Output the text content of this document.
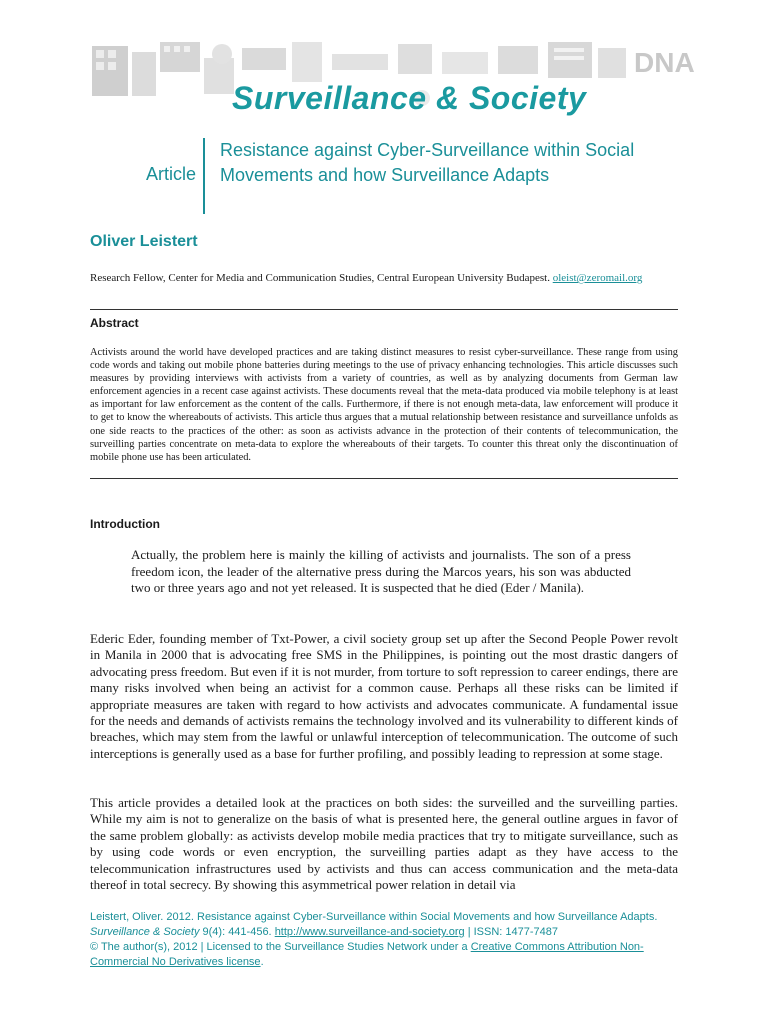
DNA
Surveillance & Society
Article
Resistance against Cyber-Surveillance within Social Movements and how Surveillance Adapts
Oliver Leistert
Research Fellow, Center for Media and Communication Studies, Central European University Budapest. oleist@zeromail.org
Abstract

Activists around the world have developed practices and are taking distinct measures to resist cyber-surveillance. These range from using code words and taking out mobile phone batteries during meetings to the use of privacy enhancing technologies. This article discusses such measures by providing interviews with activists from a variety of countries, as well as by analyzing documents from German law enforcement agencies in a recent case against activists. These documents reveal that the meta-data produced via mobile telephony is at least as important for law enforcement as the content of the calls. Furthermore, if there is not enough meta-data, law enforcement will produce it to get to know the whereabouts of activists. This article thus argues that a mutual relationship between resistance and surveillance unfolds as one side reacts to the practices of the other: as soon as activists advance in the protection of their contents of telecommunication, the surveilling parties concentrate on meta-data to explore the whereabouts of their targets. To counter this threat only the discontinuation of mobile phone use has been articulated.

Introduction
Actually, the problem here is mainly the killing of activists and journalists. The son of a press freedom icon, the leader of the alternative press during the Marcos years, his son was abducted two or three years ago and not yet released. It is suspected that he died (Eder / Manila).

Ederic Eder, founding member of Txt-Power, a civil society group set up after the Second People Power revolt in Manila in 2000 that is advocating free SMS in the Philippines, is pointing out the most drastic dangers of advocating press freedom. But even if it is not murder, from torture to soft repression to career endings, there are many risks involved when being an activist for a common cause. Perhaps all these risks can be limited if appropriate measures are taken with regard to how activists and advocates communicate. A fundamental issue for the needs and demands of activists remains the technology involved and its vulnerability to different kinds of breaches, which may stem from the lawful or unlawful interception of telecommunication. The outcome of such interceptions is generally used as a base for further profiling, and possibly leading to repression at some stage.

This article provides a detailed look at the practices on both sides: the surveilled and the surveilling parties. While my aim is not to generalize on the basis of what is presented here, the general outline argues in favor of the same problem globally: as activists develop mobile media practices that try to mitigate surveillance, such as by using code words or even encryption, the surveilling parties adapt as they have access to the telecommunication infrastructures used by activists and thus can access communication and the meta-data thereof in total secrecy. By showing this asymmetrical power relation in detail via

Leistert, Oliver. 2012. Resistance against Cyber-Surveillance within Social Movements and how Surveillance Adapts. Surveillance & Society 9(4): 441-456. http://www.surveillance-and-society.org | ISSN: 1477-7487
© The author(s), 2012 | Licensed to the Surveillance Studies Network under a Creative Commons Attribution Non-Commercial No Derivatives license.
